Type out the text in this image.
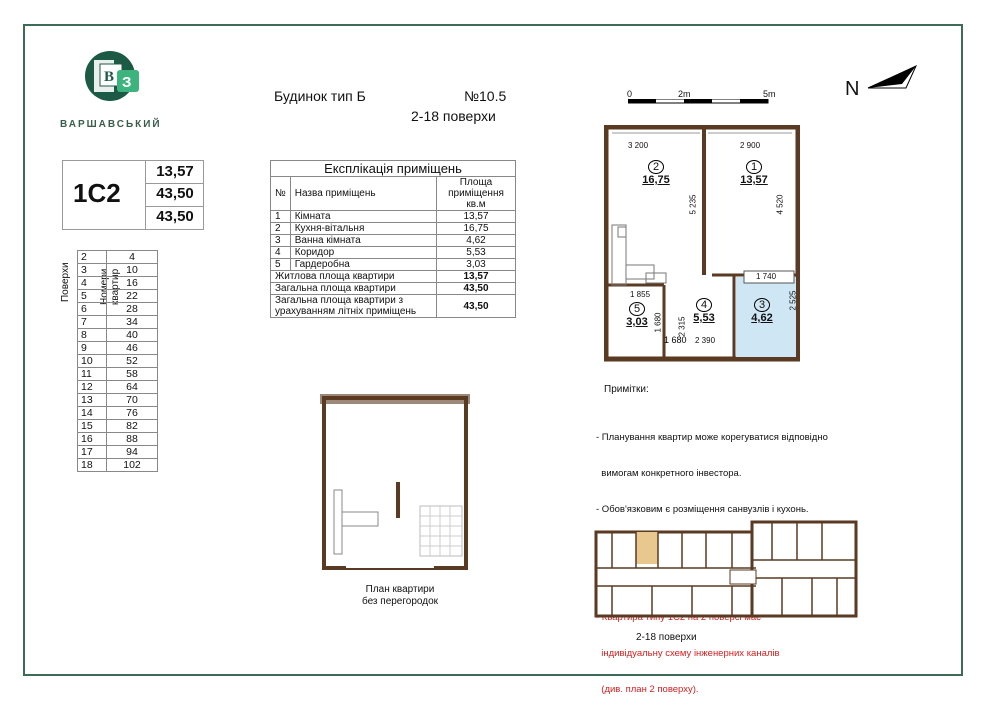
В З
ВАРШАВСЬКИЙ
Будинок тип Б	№10.5
2-18 поверхи
0	2m	5m	N
1C2
13,57
43,50
43,50
Поверхи	Номери квартир
2	4
3	10
4	16
5	22
6	28
7	34
8	40
9	46
10	52
11	58
12	64
13	70
14	76
15	82
16	88
17	94
18	102
Експлікація приміщень		
№	Назва приміщень	Площа приміщення кв.м
1	Кімната	13,57
2	Кухня-вітальня	16,75
3	Ванна кімната	4,62
4	Коридор	5,53
5	Гардеробна	3,03
Житлова площа квартири		13,57
Загальна площа квартири		43,50
Загальна площа квартири з урахуванням літніх приміщень		43,50
План квартири
без перегородок
1 680
3 200	2 900
5 235	4 520
1 740
2 525
2 390
2 315
1 855
1 680
1
13,57
2
16,75
3
4,62
4
5,53
5
3,03
Примітки:

- Планування квартир може корегуватися відповідно

вимогам конкретного інвестора.

- Обов'язковим є розміщення санвузлів і кухонь.

індивідуальну схему інженерних каналів

(див. план 2 поверху).

2-18 поверхи
